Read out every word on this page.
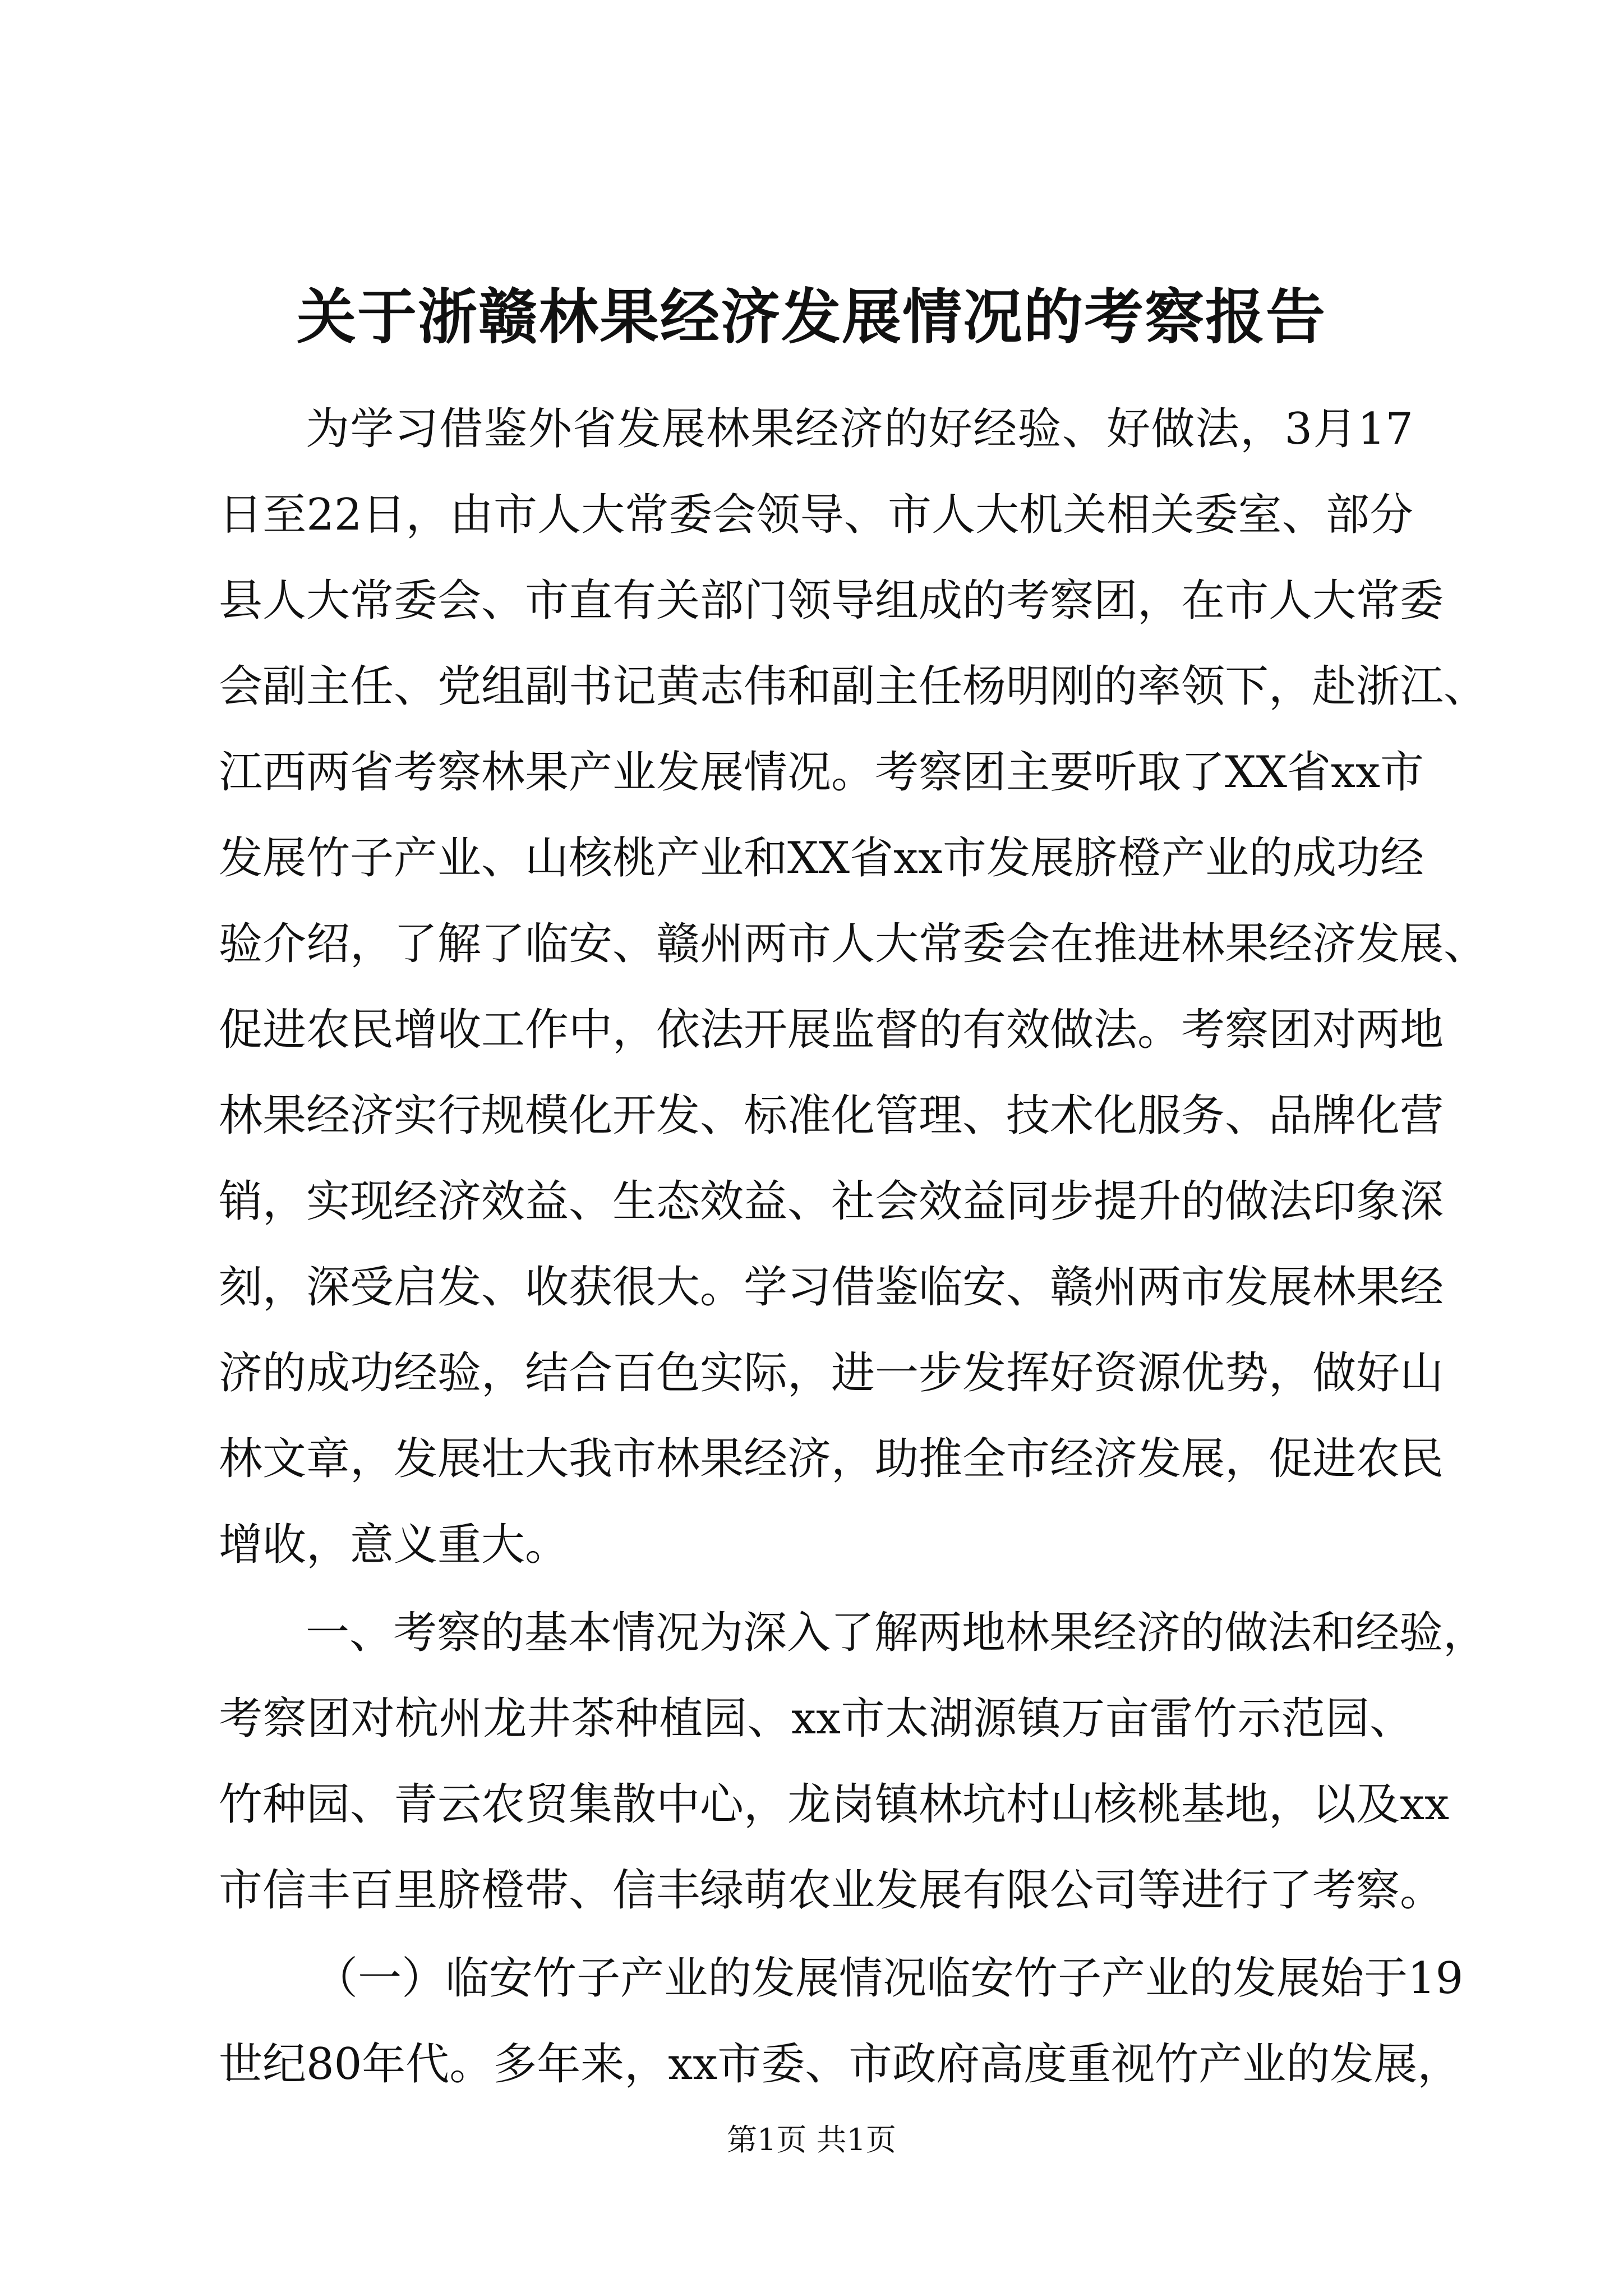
关于浙赣林果经济发展情况的考察报告
为学习借鉴外省发展林果经济的好经验、好做法，3月17
日至22日，由市人大常委会领导、市人大机关相关委室、部分
县人大常委会、市直有关部门领导组成的考察团，在市人大常委
会副主任、党组副书记黄志伟和副主任杨明刚的率领下，赴浙江、
江西两省考察林果产业发展情况。考察团主要听取了XX省xx市
发展竹子产业、山核桃产业和XX省xx市发展脐橙产业的成功经
验介绍，了解了临安、赣州两市人大常委会在推进林果经济发展、
促进农民增收工作中，依法开展监督的有效做法。考察团对两地
林果经济实行规模化开发、标准化管理、技术化服务、品牌化营
销，实现经济效益、生态效益、社会效益同步提升的做法印象深
刻，深受启发、收获很大。学习借鉴临安、赣州两市发展林果经
济的成功经验，结合百色实际，进一步发挥好资源优势，做好山
林文章，发展壮大我市林果经济，助推全市经济发展，促进农民
增收，意义重大。
一、考察的基本情况为深入了解两地林果经济的做法和经验，
考察团对杭州龙井茶种植园、xx市太湖源镇万亩雷竹示范园、
竹种园、青云农贸集散中心，龙岗镇林坑村山核桃基地，以及xx
市信丰百里脐橙带、信丰绿萌农业发展有限公司等进行了考察。
（一）临安竹子产业的发展情况临安竹子产业的发展始于19
世纪80年代。多年来，xx市委、市政府高度重视竹产业的发展，
第1页 共1页
